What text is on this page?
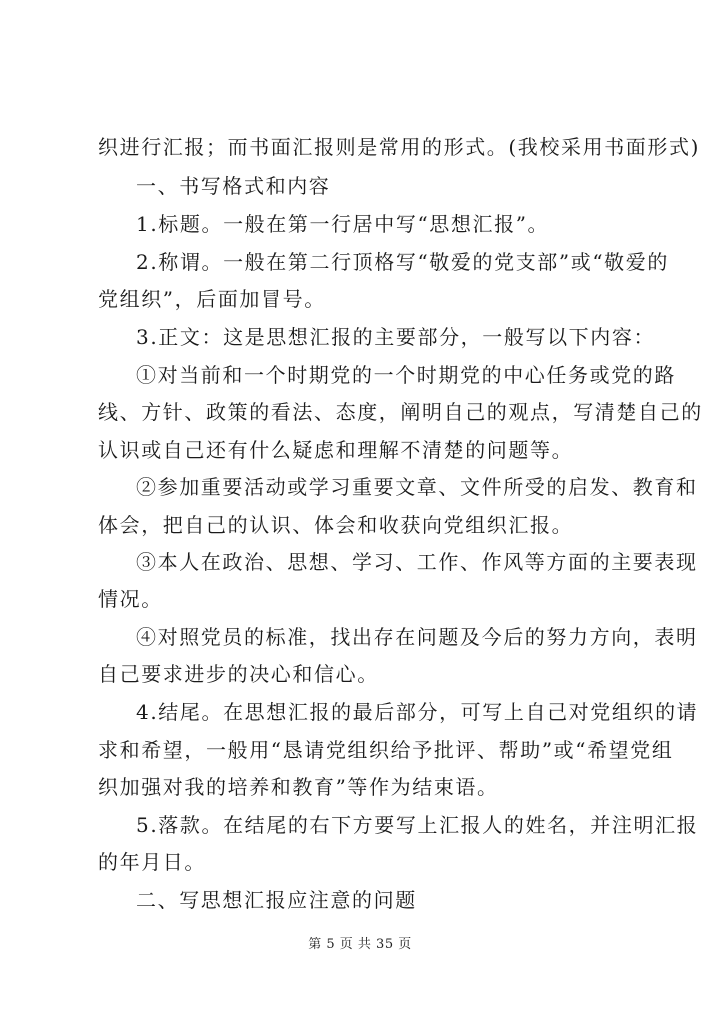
织进行汇报；而书面汇报则是常用的形式。(我校采用书面形式)
一、书写格式和内容
1.标题。一般在第一行居中写“思想汇报”。
2.称谓。一般在第二行顶格写“敬爱的党支部”或“敬爱的
党组织”，后面加冒号。
3.正文：这是思想汇报的主要部分，一般写以下内容：
①对当前和一个时期党的一个时期党的中心任务或党的路
线、方针、政策的看法、态度，阐明自己的观点，写清楚自己的
认识或自己还有什么疑虑和理解不清楚的问题等。
②参加重要活动或学习重要文章、文件所受的启发、教育和
体会，把自己的认识、体会和收获向党组织汇报。
③本人在政治、思想、学习、工作、作风等方面的主要表现
情况。
④对照党员的标准，找出存在问题及今后的努力方向，表明
自己要求进步的决心和信心。
4.结尾。在思想汇报的最后部分，可写上自己对党组织的请
求和希望，一般用“恳请党组织给予批评、帮助”或“希望党组
织加强对我的培养和教育”等作为结束语。
5.落款。在结尾的右下方要写上汇报人的姓名，并注明汇报
的年月日。
二、写思想汇报应注意的问题
第 5 页 共 35 页
